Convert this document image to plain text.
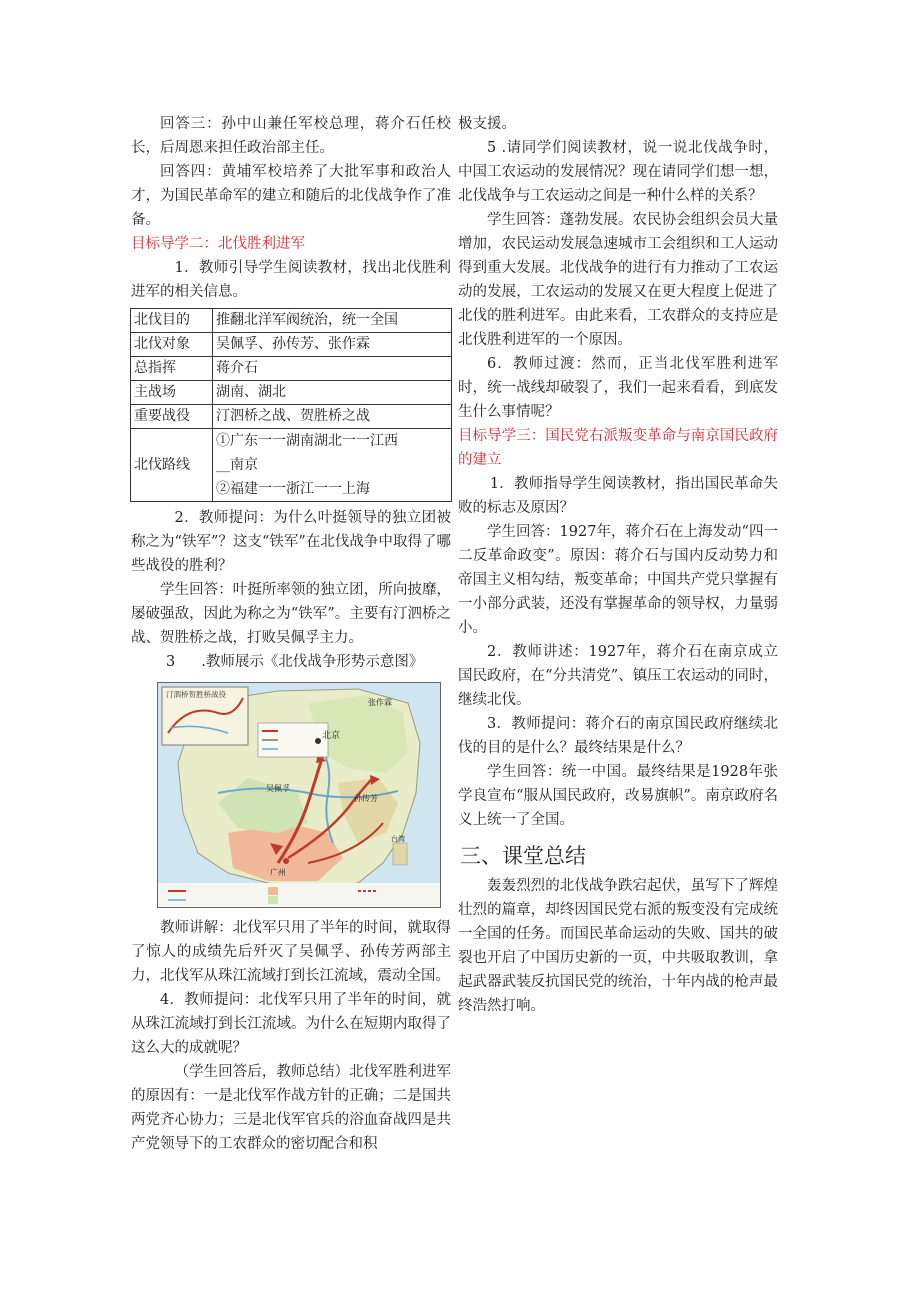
回答三：孙中山兼任军校总理，蒋介石任校长，后周恩来担任政治部主任。

回答四：黄埔军校培养了大批军事和政治人才，为国民革命军的建立和随后的北伐战争作了准备。

目标导学二：北伐胜利进军

1．教师引导学生阅读教材，找出北伐胜利进军的相关信息。

北伐目的	推翻北洋军阀统治，统一全国
北伐对象	吴佩孚、孙传芳、张作霖
总指挥	蒋介石
主战场	湖南、湖北
重要战役	汀泗桥之战、贺胜桥之战
北伐路线	①广东一一湖南湖北一一江西
__南京
②福建一一浙江一一上海

2．教师提问：为什么叶挺领导的独立团被称之为“铁军”？这支“铁军”在北伐战争中取得了哪些战役的胜利？

学生回答：叶挺所率领的独立团，所向披靡，屡破强敌，因此为称之为“铁军”。主要有汀泗桥之战、贺胜桥之战，打败吴佩孚主力。

3 .教师展示《北伐战争形势示意图》

汀泗桥贺胜桥战役
北京
张作霖
吴佩孚
孙传芳
广州
台湾

教师讲解：北伐军只用了半年的时间，就取得了惊人的成绩先后歼灭了吴佩孚、孙传芳两部主力，北伐军从珠江流域打到长江流域，震动全国。

4．教师提问：北伐军只用了半年的时间，就从珠江流域打到长江流域。为什么在短期内取得了这么大的成就呢？

（学生回答后，教师总结）北伐军胜利进军的原因有：一是北伐军作战方针的正确；二是国共两党齐心协力；三是北伐军官兵的浴血奋战四是共产党领导下的工农群众的密切配合和积

极支援。

5 .请同学们阅读教材，说一说北伐战争时，中国工农运动的发展情况？现在请同学们想一想，北伐战争与工农运动之间是一种什么样的关系？

学生回答：蓬勃发展。农民协会组织会员大量增加，农民运动发展急速城市工会组织和工人运动得到重大发展。北伐战争的进行有力推动了工农运动的发展，工农运动的发展又在更大程度上促进了北伐的胜利进军。由此来看，工农群众的支持应是北伐胜利进军的一个原因。

6．教师过渡：然而，正当北伐军胜利进军时，统一战线却破裂了，我们一起来看看，到底发生什么事情呢？

目标导学三：国民党右派叛变革命与南京国民政府的建立

1．教师指导学生阅读教材，指出国民革命失败的标志及原因？

学生回答：1927年，蒋介石在上海发动“四一二反革命政变”。原因：蒋介石与国内反动势力和帝国主义相勾结，叛变革命；中国共产党只掌握有一小部分武装，还没有掌握革命的领导权，力量弱小。

2．教师讲述：1927年，蒋介石在南京成立国民政府，在“分共清党”、镇压工农运动的同时，继续北伐。

3．教师提问：蒋介石的南京国民政府继续北伐的目的是什么？最终结果是什么？

学生回答：统一中国。最终结果是1928年张学良宣布“服从国民政府，改易旗帜”。南京政府名义上统一了全国。

三、课堂总结

轰轰烈烈的北伐战争跌宕起伏，虽写下了辉煌壮烈的篇章，却终因国民党右派的叛变没有完成统一全国的任务。而国民革命运动的失败、国共的破裂也开启了中国历史新的一页，中共吸取教训，拿起武器武装反抗国民党的统治，十年内战的枪声最终浩然打响。
